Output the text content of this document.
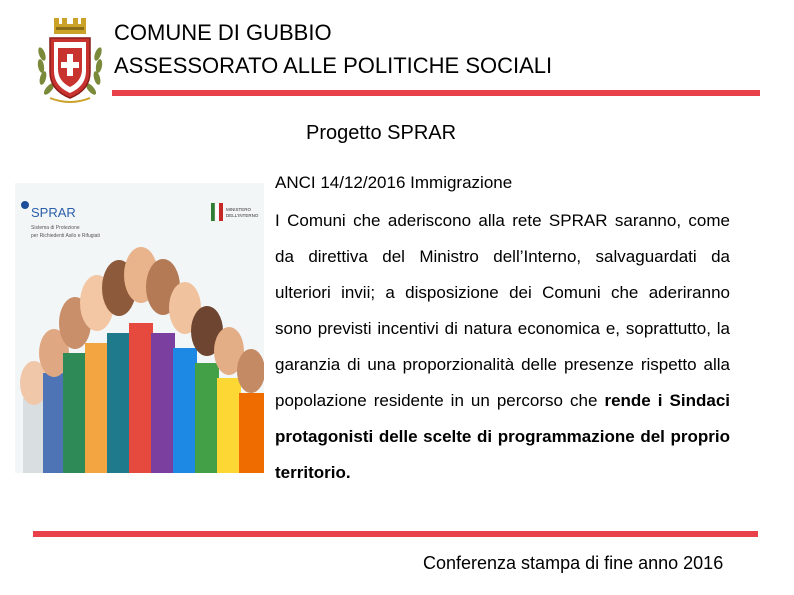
COMUNE DI GUBBIO
ASSESSORATO ALLE POLITICHE SOCIALI
Progetto SPRAR
SPRAR
Sistema di Protezione
per Richiedenti Asilo e Rifugiati
MINISTERO
DELL'INTERNO
ANCI 14/12/2016 Immigrazione

I Comuni che aderiscono alla rete SPRAR saranno, come da direttiva del Ministro dell’Interno, salvaguardati da ulteriori invii; a disposizione dei Comuni che aderiranno sono previsti incentivi di natura economica e, soprattutto, la garanzia di una proporzionalità delle presenze rispetto alla popolazione residente in un percorso che rende i Sindaci protagonisti delle scelte di programmazione del proprio territorio.

Conferenza stampa di fine anno 2016
